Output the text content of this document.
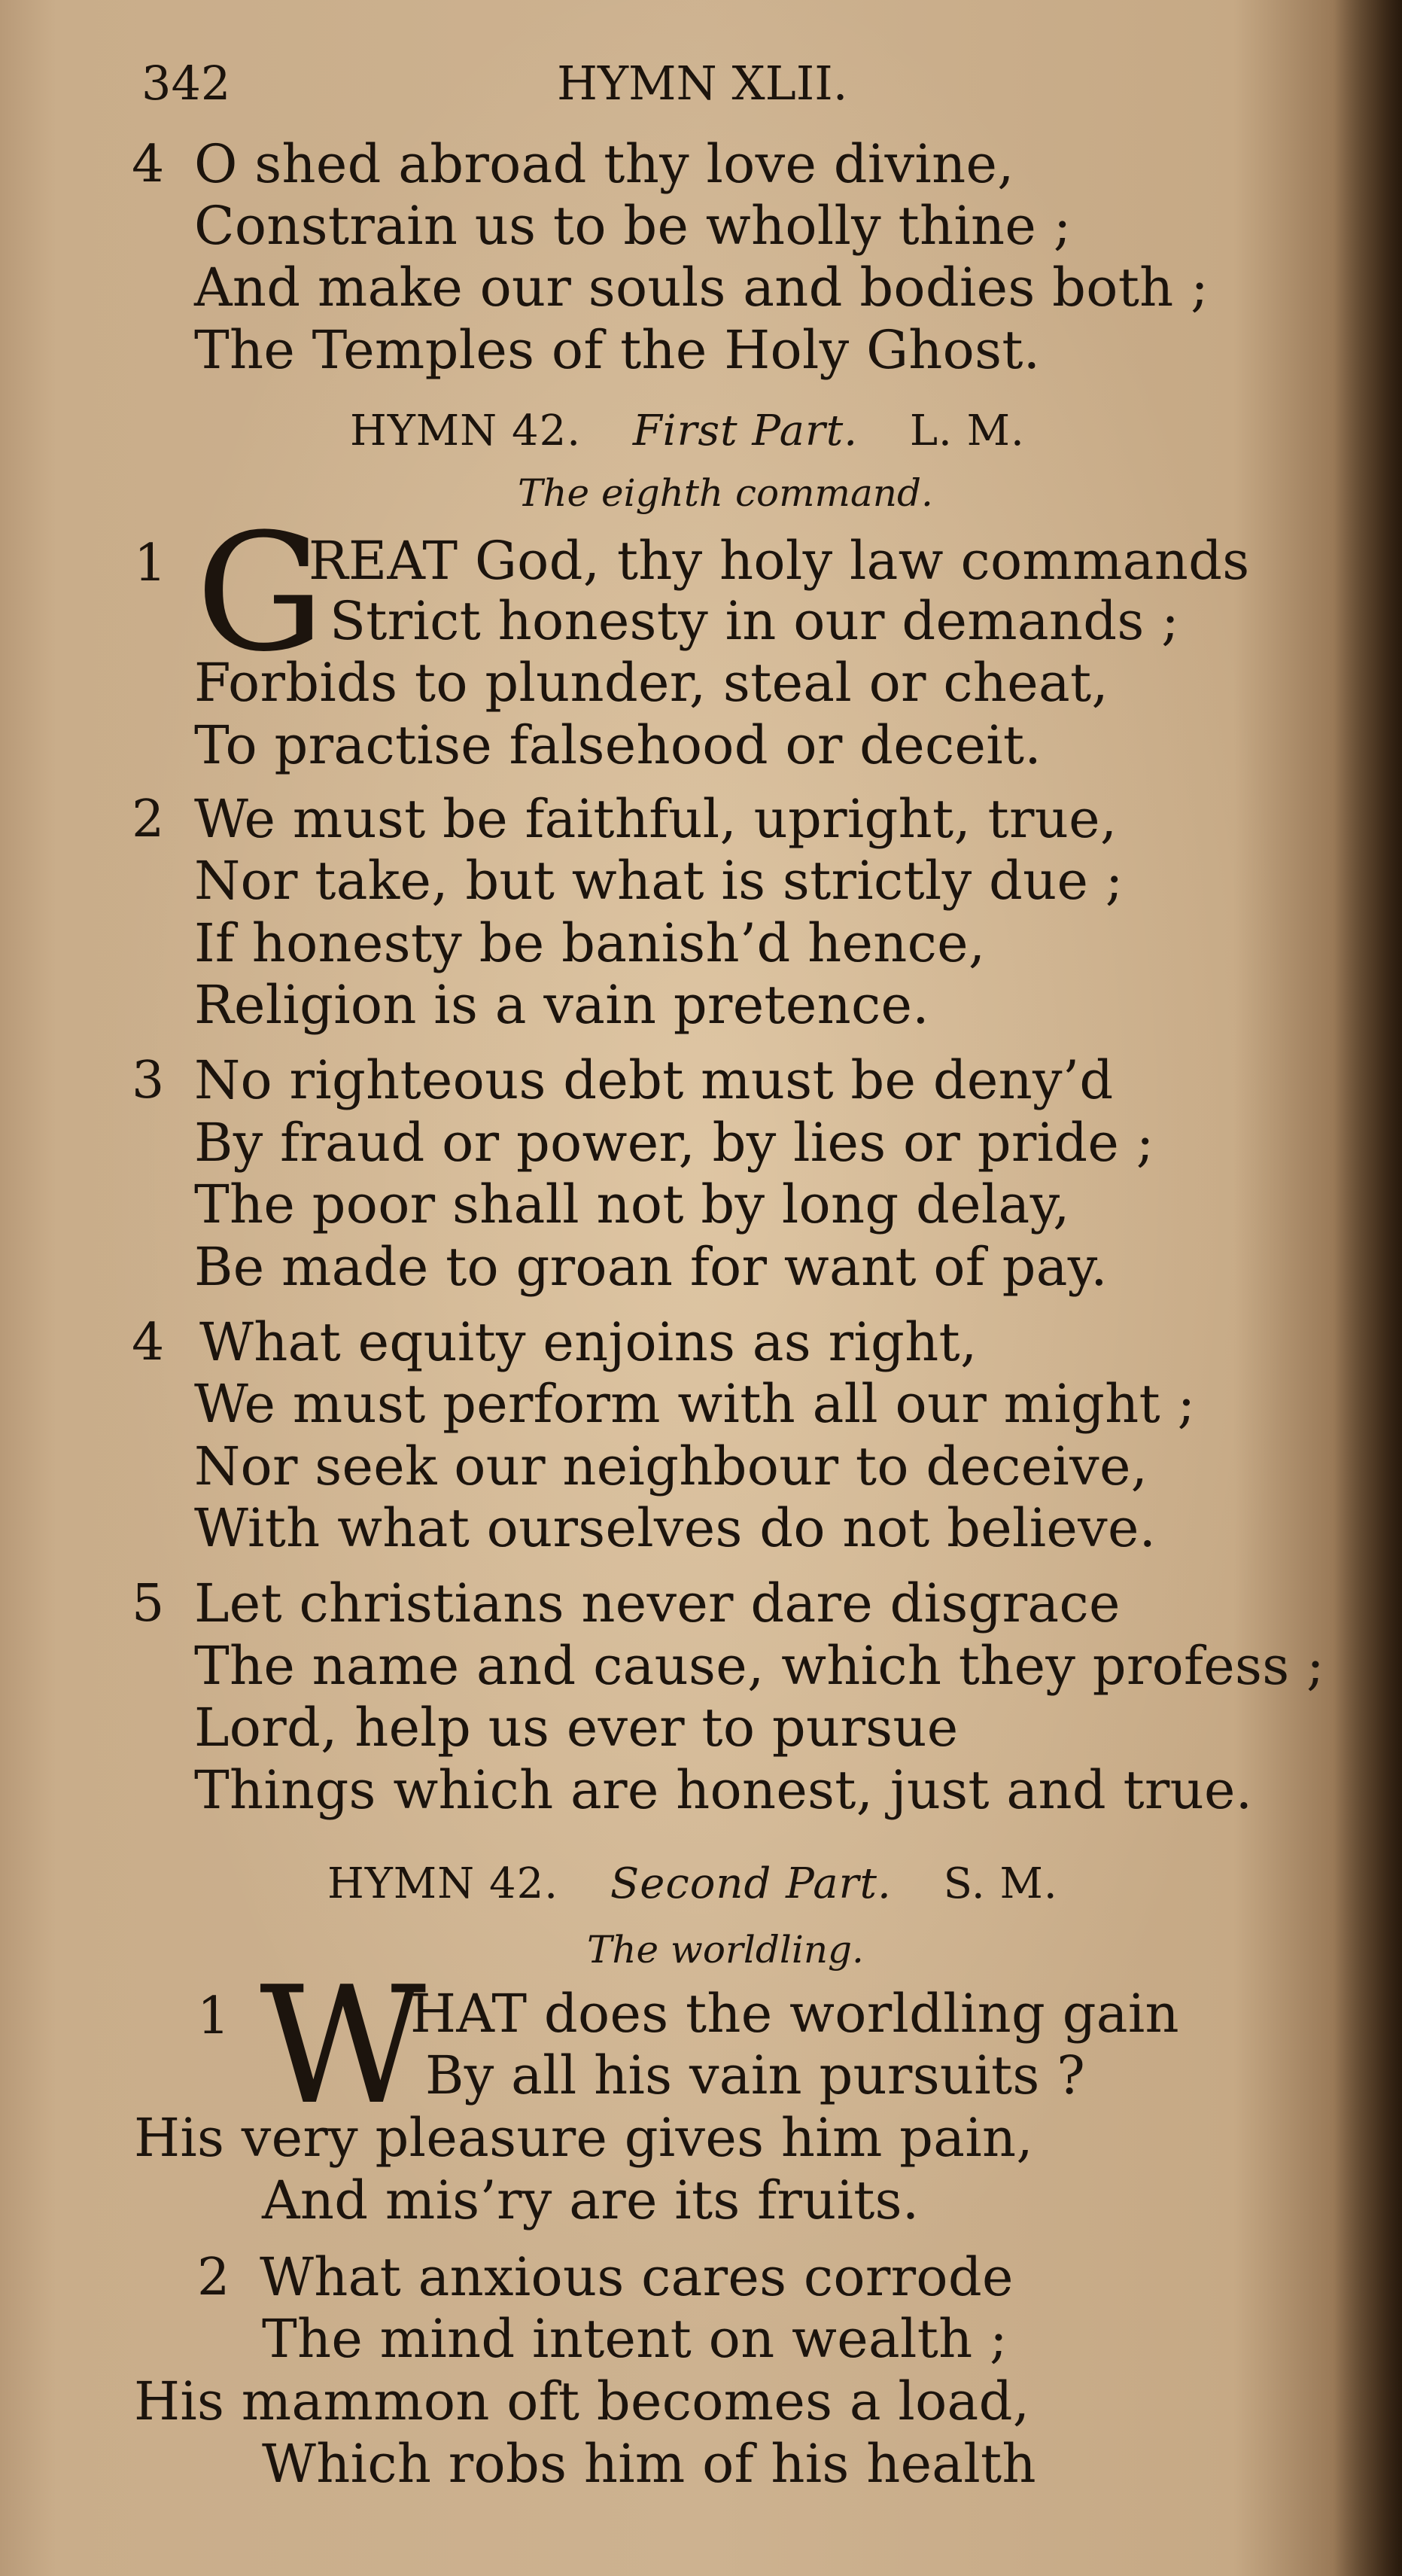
342	HYMN XLII.
4 O shed abroad thy love divine,
Constrain us to be wholly thine ;
And make our souls and bodies both ;
The Temples of the Holy Ghost.
HYMN 42. First Part. L. M.
The eighth command.
1 G
REAT God, thy holy law commands
Strict honesty in our demands ;
Forbids to plunder, steal or cheat,
To practise falsehood or deceit.
2 We must be faithful, upright, true,
Nor take, but what is strictly due ;
If honesty be banish’d hence,
Religion is a vain pretence.
3 No righteous debt must be deny’d
By fraud or power, by lies or pride ;
The poor shall not by long delay,
Be made to groan for want of pay.
4 What equity enjoins as right,
We must perform with all our might ;
Nor seek our neighbour to deceive,
With what ourselves do not believe.
5 Let christians never dare disgrace
The name and cause, which they profess ;
Lord, help us ever to pursue
Things which are honest, just and true.
HYMN 42. Second Part. S. M.
The worldling.
1 W
HAT does the worldling gain
By all his vain pursuits ?
His very pleasure gives him pain,
And mis’ry are its fruits.
2 What anxious cares corrode
The mind intent on wealth ;
His mammon oft becomes a load,
Which robs him of his health
